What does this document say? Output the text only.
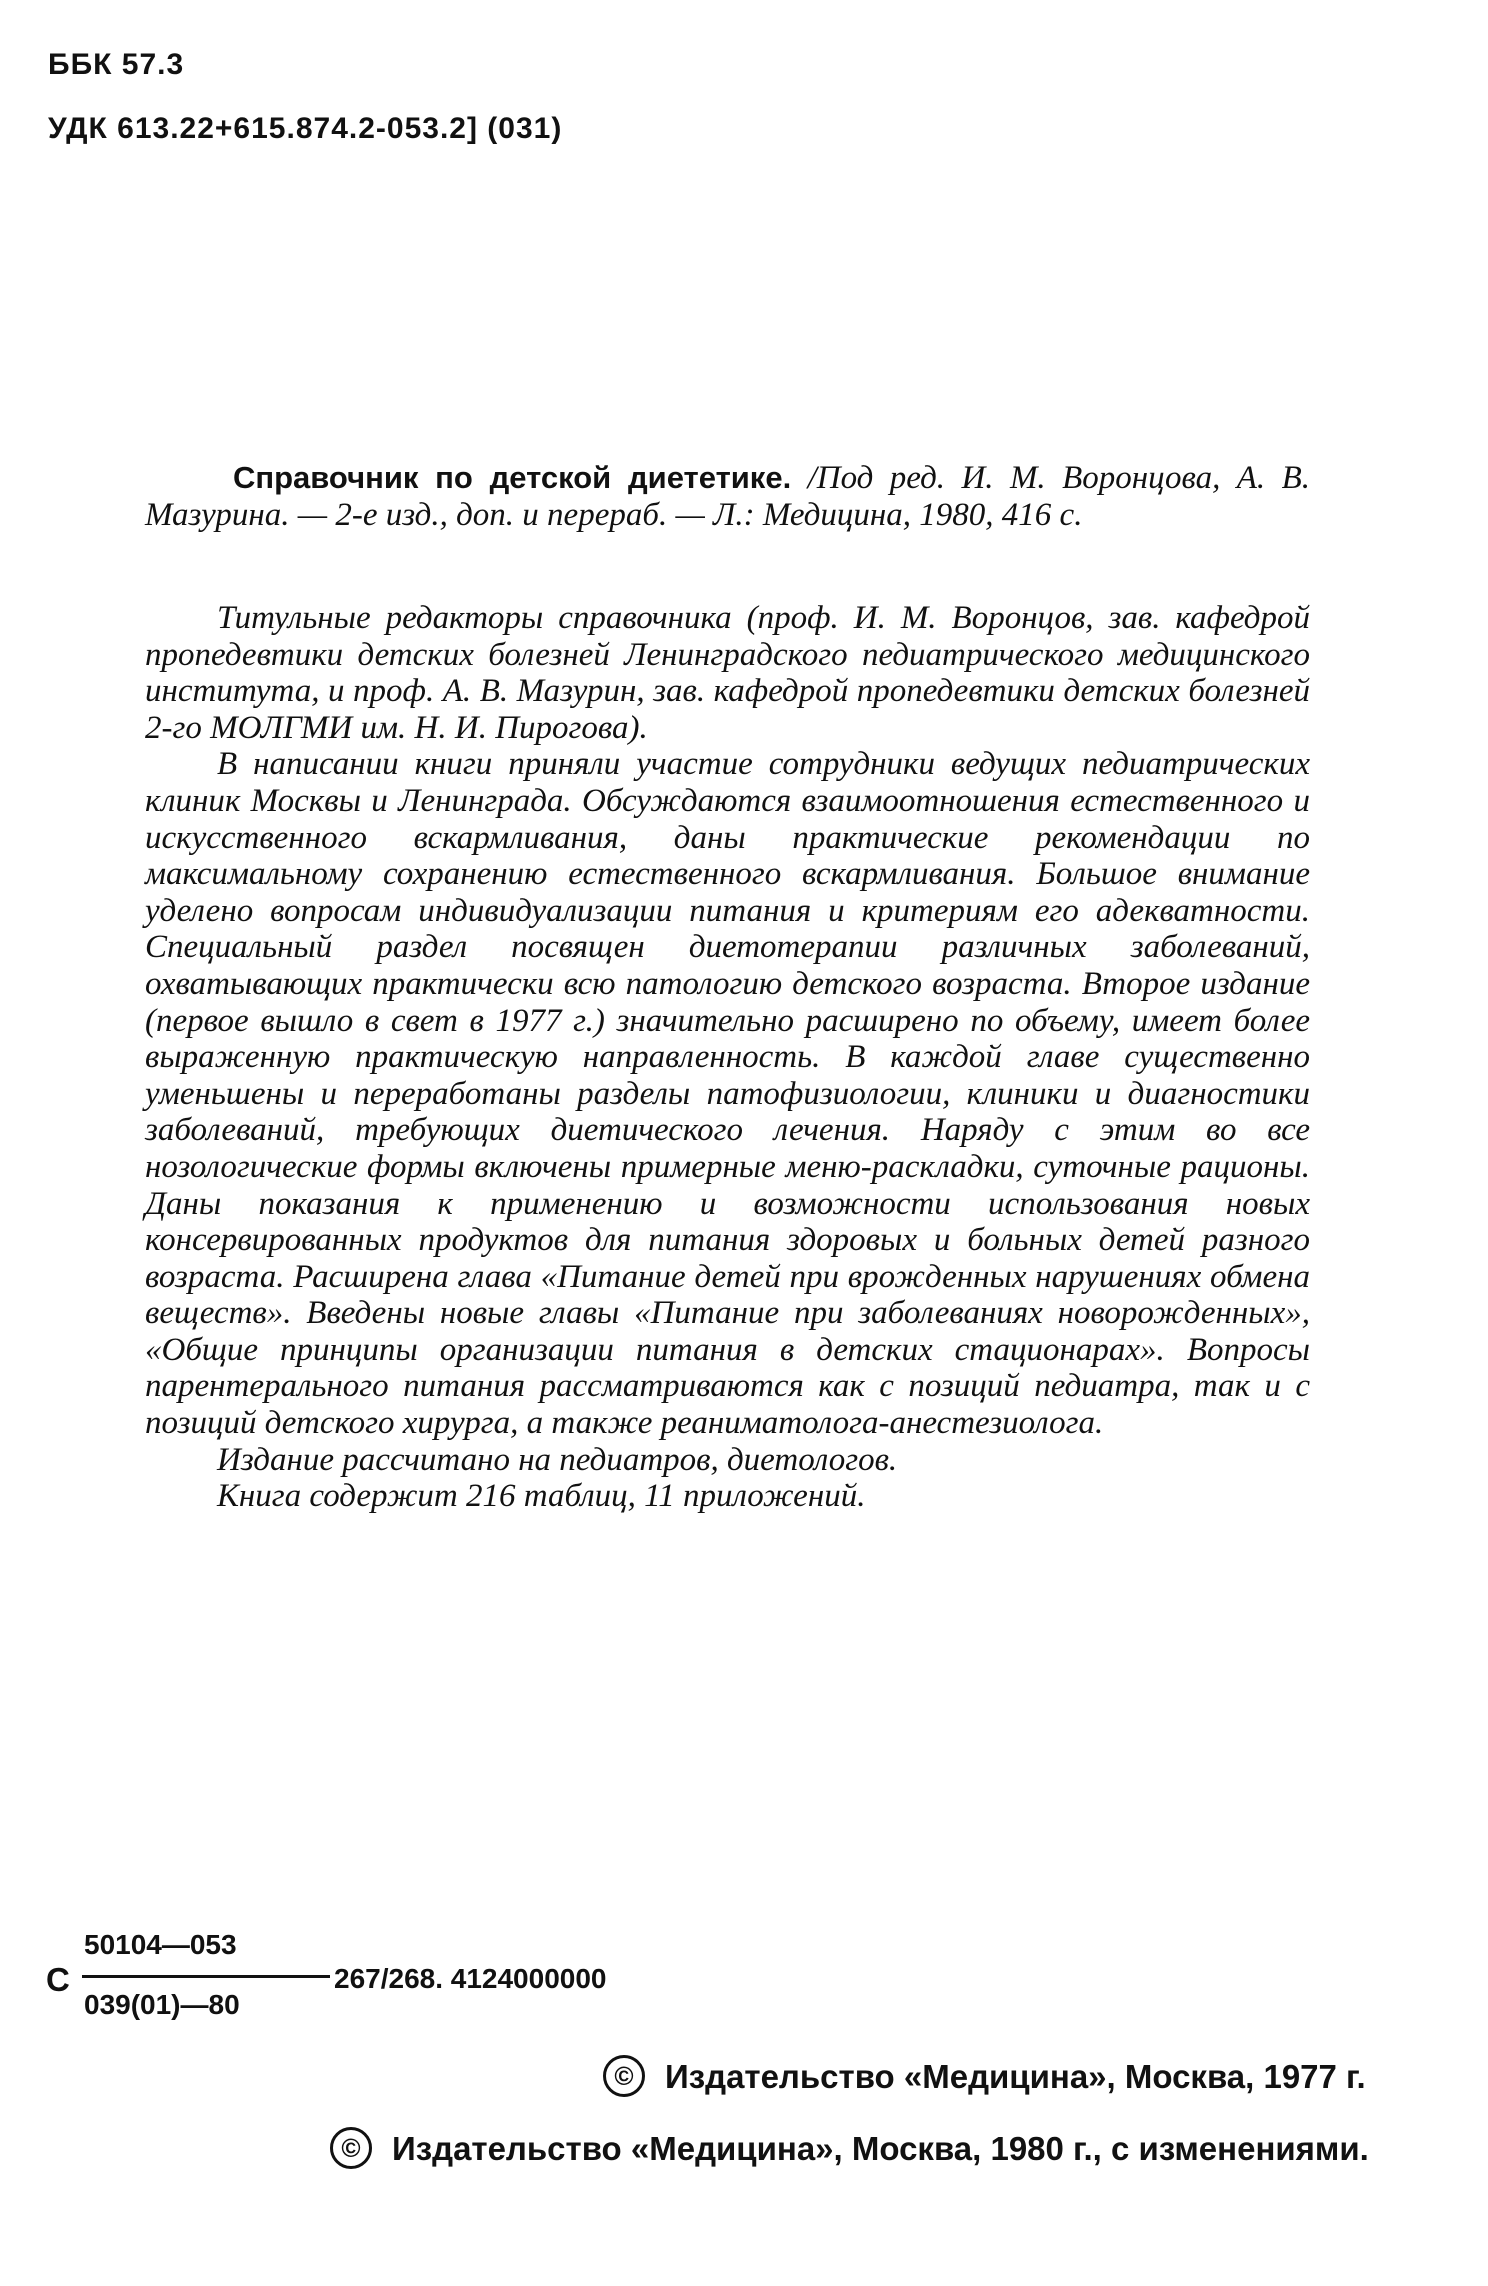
ББК 57.3
УДК 613.22+615.874.2-053.2] (031)

Справочник по детской диететике. /Под ред. И. М. Воронцова, А. В. Мазурина. — 2-е изд., доп. и перераб. — Л.: Медицина, 1980, 416 с.

Титульные редакторы справочника (проф. И. М. Воронцов, зав. кафедрой пропедевтики детских болезней Ленинградского педиатрического медицинского института, и проф. А. В. Мазурин, зав. кафедрой пропедевтики детских болезней 2-го МОЛГМИ им. Н. И. Пирогова).

В написании книги приняли участие сотрудники ведущих педиатрических клиник Москвы и Ленинграда. Обсуждаются взаимоотношения естественного и искусственного вскармливания, даны практические рекомендации по максимальному сохранению естественного вскармливания. Большое внимание уделено вопросам индивидуализации питания и критериям его адекватности. Специальный раздел посвящен диетотерапии различных заболеваний, охватывающих практически всю патологию детского возраста. Второе издание (первое вышло в свет в 1977 г.) значительно расширено по объему, имеет более выраженную практическую направленность. В каждой главе существенно уменьшены и переработаны разделы патофизиологии, клиники и диагностики заболеваний, требующих диетического лечения. Наряду с этим во все нозологические формы включены примерные меню-раскладки, суточные рационы. Даны показания к применению и возможности использования новых консервированных продуктов для питания здоровых и больных детей разного возраста. Расширена глава «Питание детей при врожденных нарушениях обмена веществ». Введены новые главы «Питание при заболеваниях новорожденных», «Общие принципы организации питания в детских стационарах». Вопросы парентерального питания рассматриваются как с позиций педиатра, так и с позиций детского хирурга, а также реаниматолога-анестезиолога.

Издание рассчитано на педиатров, диетологов.

Книга содержит 216 таблиц, 11 приложений.

С
50104—053
039(01)—80
267/268. 4124000000
© Издательство «Медицина», Москва, 1977 г.
© Издательство «Медицина», Москва, 1980 г., с изменениями.
